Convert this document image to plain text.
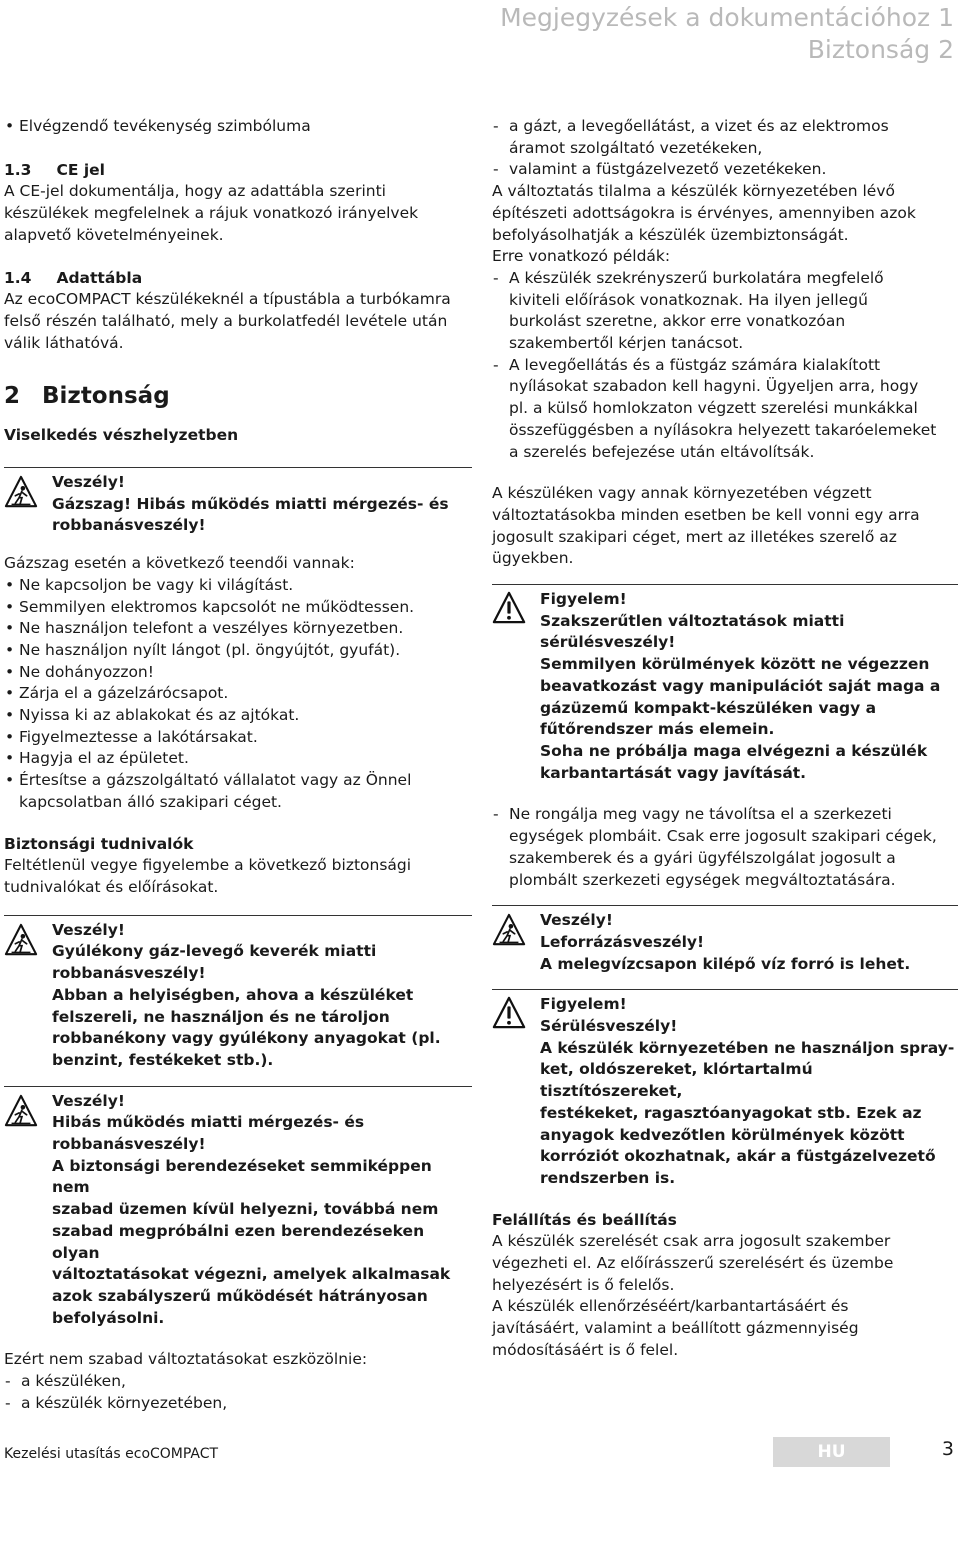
Megjegyzések a dokumentációhoz 1
Biztonság 2
• Elvégzendő tevékenység szimbóluma
1.3 CE jel
A CE-jel dokumentálja, hogy az adattábla szerinti készülékek megfelelnek a rájuk vonatkozó irányelvek alapvető követelményeinek.
1.4 Adattábla
Az ecoCOMPACT készülékeknél a típustábla a turbókamra felső részén található, mely a burkolatfedél levétele után válik láthatóvá.
2 Biztonság
Viselkedés vészhelyzetben
Veszély!
Gázszag! Hibás működés miatti mérgezés- és
robbanásveszély!
Gázszag esetén a következő teendői vannak:
• Ne kapcsoljon be vagy ki világítást.
• Semmilyen elektromos kapcsolót ne működtessen.
• Ne használjon telefont a veszélyes környezetben.
• Ne használjon nyílt lángot (pl. öngyújtót, gyufát).
• Ne dohányozzon!
• Zárja el a gázelzárócsapot.
• Nyissa ki az ablakokat és az ajtókat.
• Figyelmeztesse a lakótársakat.
• Hagyja el az épületet.
• Értesítse a gázszolgáltató vállalatot vagy az Önnel
kapcsolatban álló szakipari céget.
Biztonsági tudnivalók
Feltétlenül vegye figyelembe a következő biztonsági
tudnivalókat és előírásokat.
Veszély!
Gyúlékony gáz-levegő keverék miatti
robbanásveszély!
Abban a helyiségben, ahova a készüléket
felszereli, ne használjon és ne tároljon
robbanékony vagy gyúlékony anyagokat (pl.
benzint, festékeket stb.).
Veszély!
Hibás működés miatti mérgezés- és
robbanásveszély!
A biztonsági berendezéseket semmiképpen nem
szabad üzemen kívül helyezni, továbbá nem
szabad megpróbálni ezen berendezéseken olyan
változtatásokat végezni, amelyek alkalmasak
azok szabályszerű működését hátrányosan
befolyásolni.
Ezért nem szabad változtatásokat eszközölnie:
- a készüléken,
- a készülék környezetében,
- a gázt, a levegőellátást, a vizet és az elektromos
áramot szolgáltató vezetékeken,
- valamint a füstgázelvezető vezetékeken.
A változtatás tilalma a készülék környezetében lévő
építészeti adottságokra is érvényes, amennyiben azok
befolyásolhatják a készülék üzembiztonságát.
Erre vonatkozó példák:
- A készülék szekrényszerű burkolatára megfelelő
kiviteli előírások vonatkoznak. Ha ilyen jellegű
burkolást szeretne, akkor erre vonatkozóan
szakembertől kérjen tanácsot.
- A levegőellátás és a füstgáz számára kialakított
nyílásokat szabadon kell hagyni. Ügyeljen arra, hogy
pl. a külső homlokzaton végzett szerelési munkákkal
összefüggésben a nyílásokra helyezett takaróelemeket
a szerelés befejezése után eltávolítsák.
A készüléken vagy annak környezetében végzett
változtatásokba minden esetben be kell vonni egy arra
jogosult szakipari céget, mert az illetékes szerelő az
ügyekben.
Figyelem!
Szakszerűtlen változtatások miatti
sérülésveszély!
Semmilyen körülmények között ne végezzen
beavatkozást vagy manipulációt saját maga a
gázüzemű kompakt-készüléken vagy a
fűtőrendszer más elemein.
Soha ne próbálja maga elvégezni a készülék
karbantartását vagy javítását.
- Ne rongálja meg vagy ne távolítsa el a szerkezeti
egységek plombáit. Csak erre jogosult szakipari cégek,
szakemberek és a gyári ügyfélszolgálat jogosult a
plombált szerkezeti egységek megváltoztatására.
Veszély!
Leforrázásveszély!
A melegvízcsapon kilépő víz forró is lehet.
Figyelem!
Sérülésveszély!
A készülék környezetében ne használjon spray-
ket, oldószereket, klórtartalmú tisztítószereket,
festékeket, ragasztóanyagokat stb. Ezek az
anyagok kedvezőtlen körülmények között
korróziót okozhatnak, akár a füstgázelvezető
rendszerben is.
Felállítás és beállítás
A készülék szerelését csak arra jogosult szakember
végezheti el. Az előírásszerű szerelésért és üzembe
helyezésért is ő felelős.
A készülék ellenőrzéséért/karbantartásáért és
javításáért, valamint a beállított gázmennyiség
módosításáért is ő felel.
Kezelési utasítás ecoCOMPACT	HU	3
